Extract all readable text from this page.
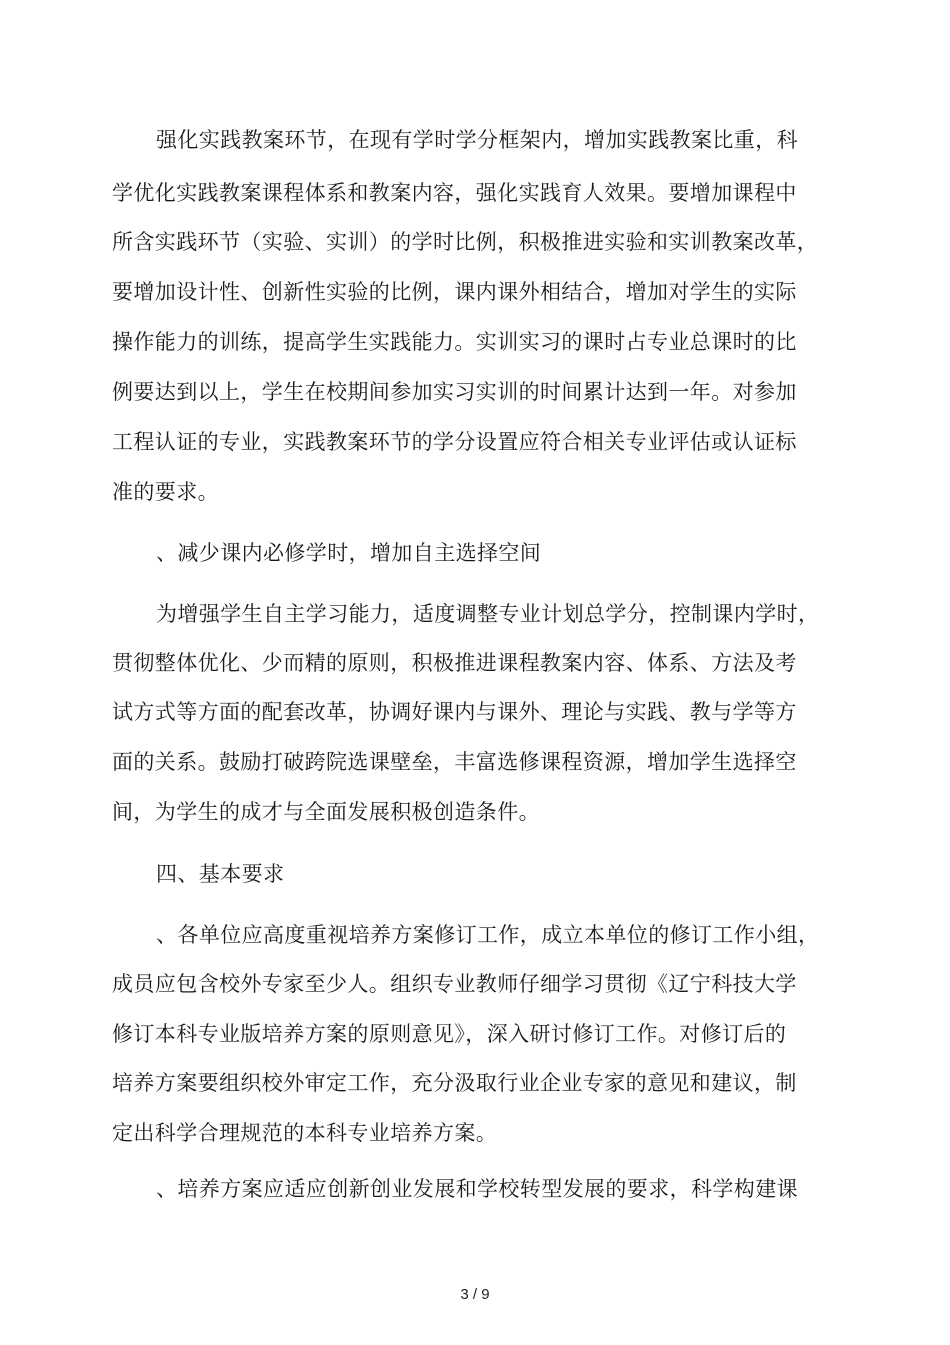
强化实践教案环节，在现有学时学分框架内，增加实践教案比重，科
学优化实践教案课程体系和教案内容，强化实践育人效果。要增加课程中
所含实践环节（实验、实训）的学时比例，积极推进实验和实训教案改革，
要增加设计性、创新性实验的比例，课内课外相结合，增加对学生的实际
操作能力的训练，提高学生实践能力。实训实习的课时占专业总课时的比
例要达到以上，学生在校期间参加实习实训的时间累计达到一年。对参加
工程认证的专业，实践教案环节的学分设置应符合相关专业评估或认证标
准的要求。
、减少课内必修学时，增加自主选择空间
为增强学生自主学习能力，适度调整专业计划总学分，控制课内学时，
贯彻整体优化、少而精的原则，积极推进课程教案内容、体系、方法及考
试方式等方面的配套改革，协调好课内与课外、理论与实践、教与学等方
面的关系。鼓励打破跨院选课壁垒，丰富选修课程资源，增加学生选择空
间，为学生的成才与全面发展积极创造条件。
四、基本要求
、各单位应高度重视培养方案修订工作，成立本单位的修订工作小组，
成员应包含校外专家至少人。组织专业教师仔细学习贯彻《辽宁科技大学
修订本科专业版培养方案的原则意见》，深入研讨修订工作。对修订后的
培养方案要组织校外审定工作，充分汲取行业企业专家的意见和建议，制
定出科学合理规范的本科专业培养方案。
、培养方案应适应创新创业发展和学校转型发展的要求，科学构建课
3 / 9
